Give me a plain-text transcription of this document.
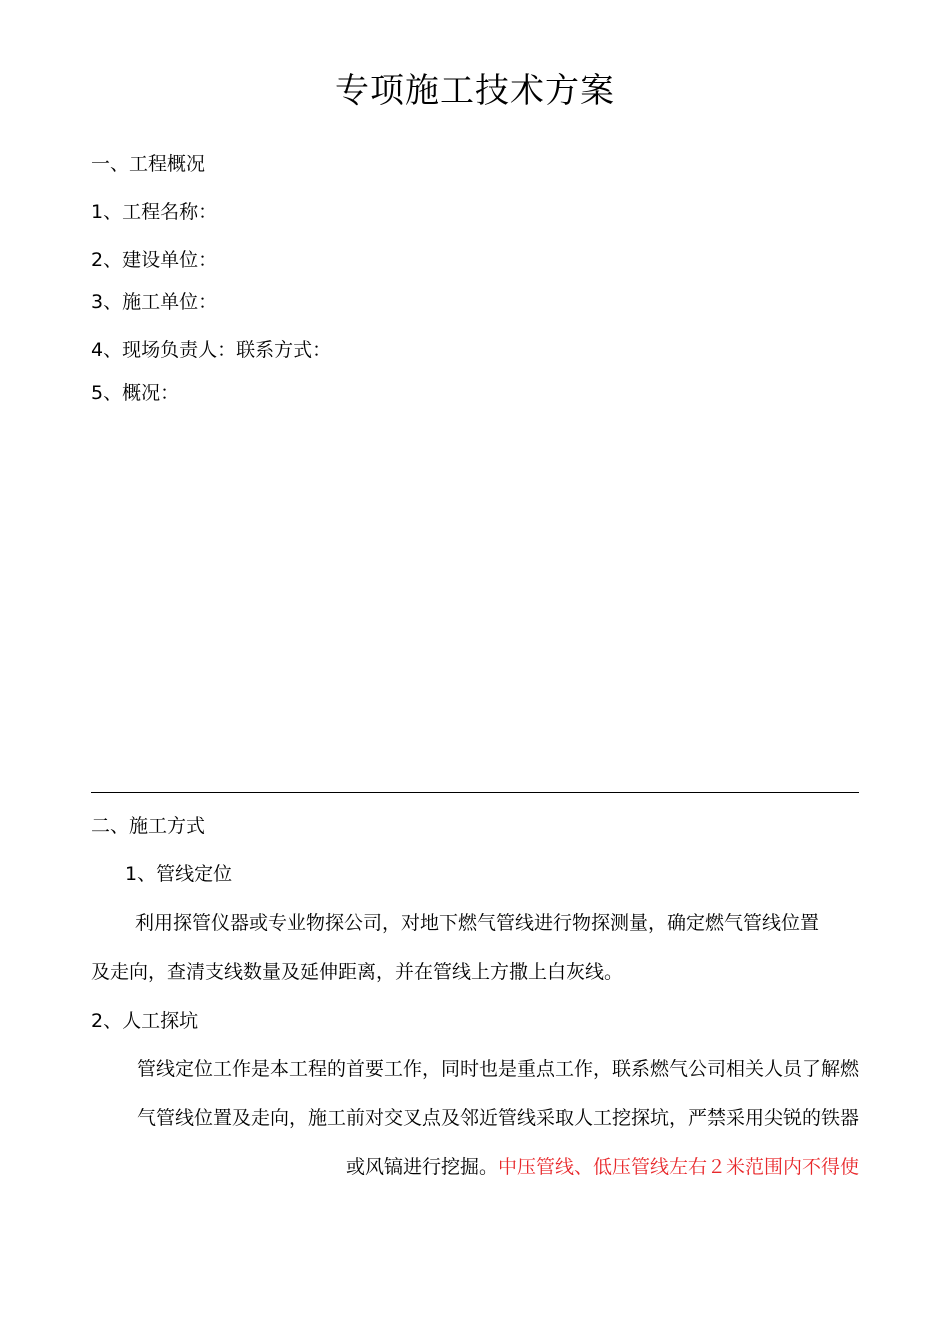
专项施工技术方案
一、工程概况
1、工程名称：
2、建设单位：
3、施工单位：
4、现场负责人：联系方式：
5、概况：
二、施工方式
1、管线定位
利用探管仪器或专业物探公司，对地下燃气管线进行物探测量，确定燃气管线位置
及走向，查清支线数量及延伸距离，并在管线上方撒上白灰线。
2、人工探坑
管线定位工作是本工程的首要工作，同时也是重点工作，联系燃气公司相关人员了解燃
气管线位置及走向，施工前对交叉点及邻近管线采取人工挖探坑，严禁采用尖锐的铁器
或风镐进行挖掘。中压管线、低压管线左右２米范围内不得使
